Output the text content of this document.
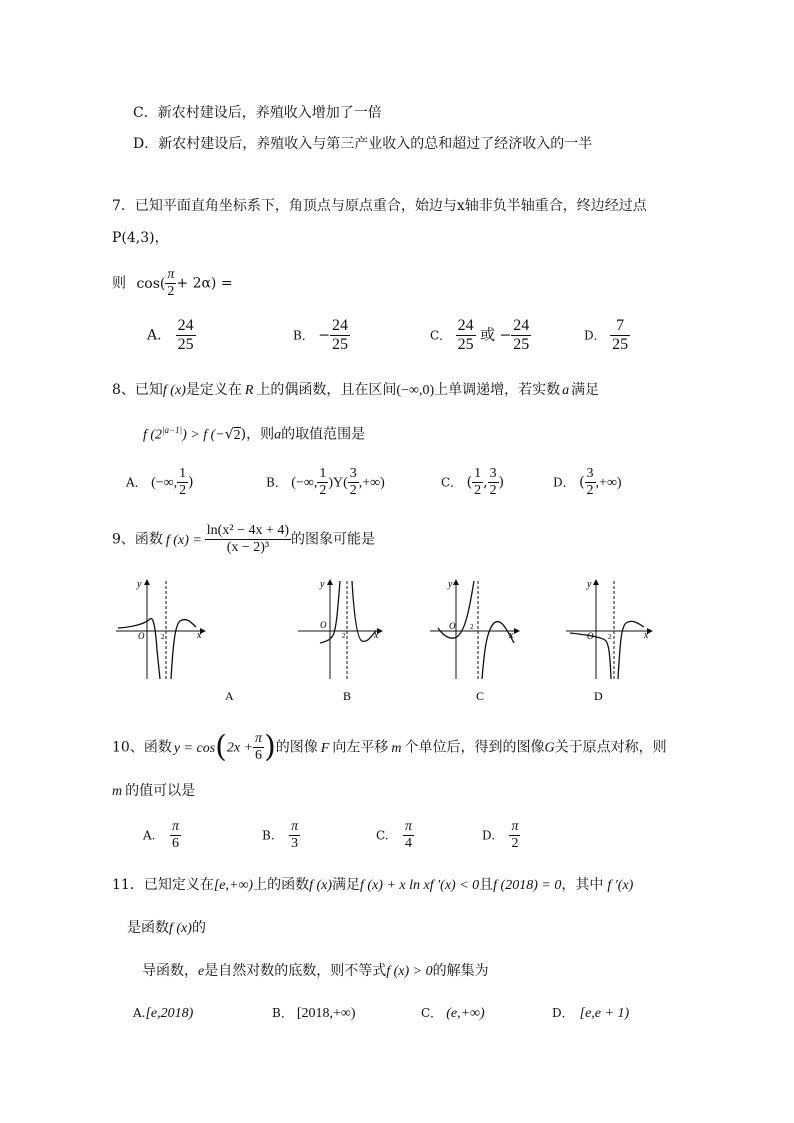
C．新农村建设后，养殖收入增加了一倍
D．新农村建设后，养殖收入与第三产业收入的总和超过了经济收入的一半
7．已知平面直角坐标系下，角顶点与原点重合，始边与x轴非负半轴重合，终边经过点
P(4,3)，
则 $\cos( \frac{\pi}{2} + 2\alpha)$ =
A． $\frac{24}{25}$	B． − $\frac{24}{25}$	C． $\frac{24}{25}$ 或 − $\frac{24}{25}$	D． $\frac{7}{25}$
8、已知f (x)是定义在 R 上的偶函数，且在区间(−∞,0)上单调递增，若实数 a 满足
f $(2^{|a-1|}) > f$ (−√2)，则a的取值范围是
A． (−∞, $\frac{1}{2}$ )	B． (−∞, $\frac{1}{2} )Y( \frac{3}{2}$ ,+∞)	C． ( $\frac{1}{2}$ , $\frac{3}{2}$ )	D． ( $\frac{3}{2}$ ,+∞)
9、函数 f $(x) = \frac{\text{ln(x² − 4x + 4)}}{\text{(x − 2)³}}$ 的图象可能是
y
x
O 2
A
y
x
O
2
B
y
x
O 2
C
y
x
O 2
D
10、函数 $y = \cos(2x + \frac{\pi}{6}$ )的图像 F 向左平移 m 个单位后，得到的图像G关于原点对称，则
m 的值可以是
A. $\frac{\pi}{6}$	B. $\frac{\pi}{3}$	C. $\frac{\pi}{4}$	D. $\frac{\pi}{2}$
11．已知定义在[e,+∞)上的函数f (x)满足f (x) + x ln xf ′(x) < 0且f (2018) = 0，其中 f ′(x)
是函数f (x)的
导函数，e是自然对数的底数，则不等式f (x) > 0的解集为
A.[e,2018)	B． [2018,+∞)	C． (e,+∞)	D． [e,e + 1)
